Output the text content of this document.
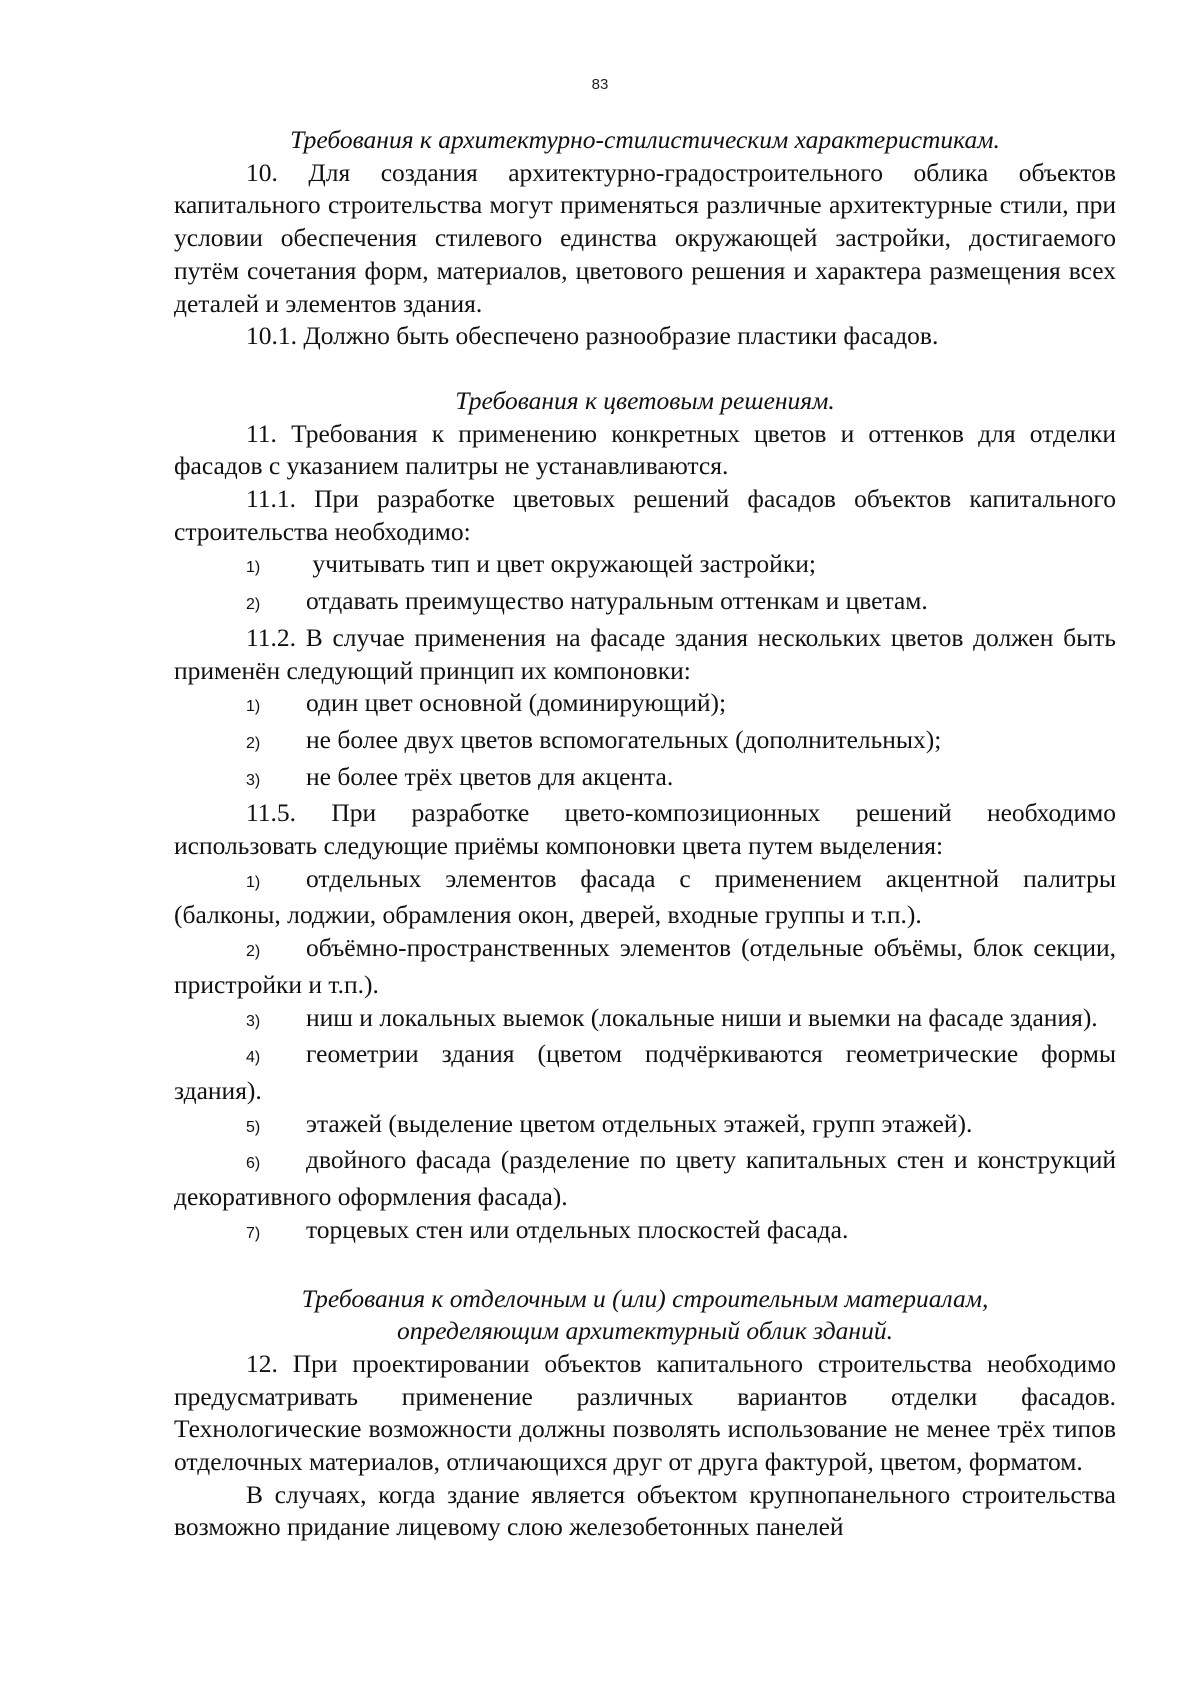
83

Требования к архитектурно-стилистическим характеристикам.

10. Для создания архитектурно-градостроительного облика объектов капитального строительства могут применяться различные архитектурные стили, при условии обеспечения стилевого единства окружающей застройки, достигаемого путём сочетания форм, материалов, цветового решения и характера размещения всех деталей и элементов здания.

10.1. Должно быть обеспечено разнообразие пластики фасадов.

Требования к цветовым решениям.

11. Требования к применению конкретных цветов и оттенков для отделки фасадов с указанием палитры не устанавливаются.

11.1. При разработке цветовых решений фасадов объектов капитального строительства необходимо:

1) учитывать тип и цвет окружающей застройки;

2) отдавать преимущество натуральным оттенкам и цветам.

11.2. В случае применения на фасаде здания нескольких цветов должен быть применён следующий принцип их компоновки:

1) один цвет основной (доминирующий);

2) не более двух цветов вспомогательных (дополнительных);

3) не более трёх цветов для акцента.

11.5. При разработке цвето-композиционных решений необходимо использовать следующие приёмы компоновки цвета путем выделения:

1) отдельных элементов фасада с применением акцентной палитры (балконы, лоджии, обрамления окон, дверей, входные группы и т.п.).

2) объёмно-пространственных элементов (отдельные объёмы, блок секции, пристройки и т.п.).

3) ниш и локальных выемок (локальные ниши и выемки на фасаде здания).

4) геометрии здания (цветом подчёркиваются геометрические формы здания).

5) этажей (выделение цветом отдельных этажей, групп этажей).

6) двойного фасада (разделение по цвету капитальных стен и конструкций декоративного оформления фасада).

7) торцевых стен или отдельных плоскостей фасада.

Требования к отделочным и (или) строительным материалам,

определяющим архитектурный облик зданий.

12. При проектировании объектов капитального строительства необходимо предусматривать применение различных вариантов отделки фасадов. Технологические возможности должны позволять использование не менее трёх типов отделочных материалов, отличающихся друг от друга фактурой, цветом, форматом.

В случаях, когда здание является объектом крупнопанельного строительства возможно придание лицевому слою железобетонных панелей
